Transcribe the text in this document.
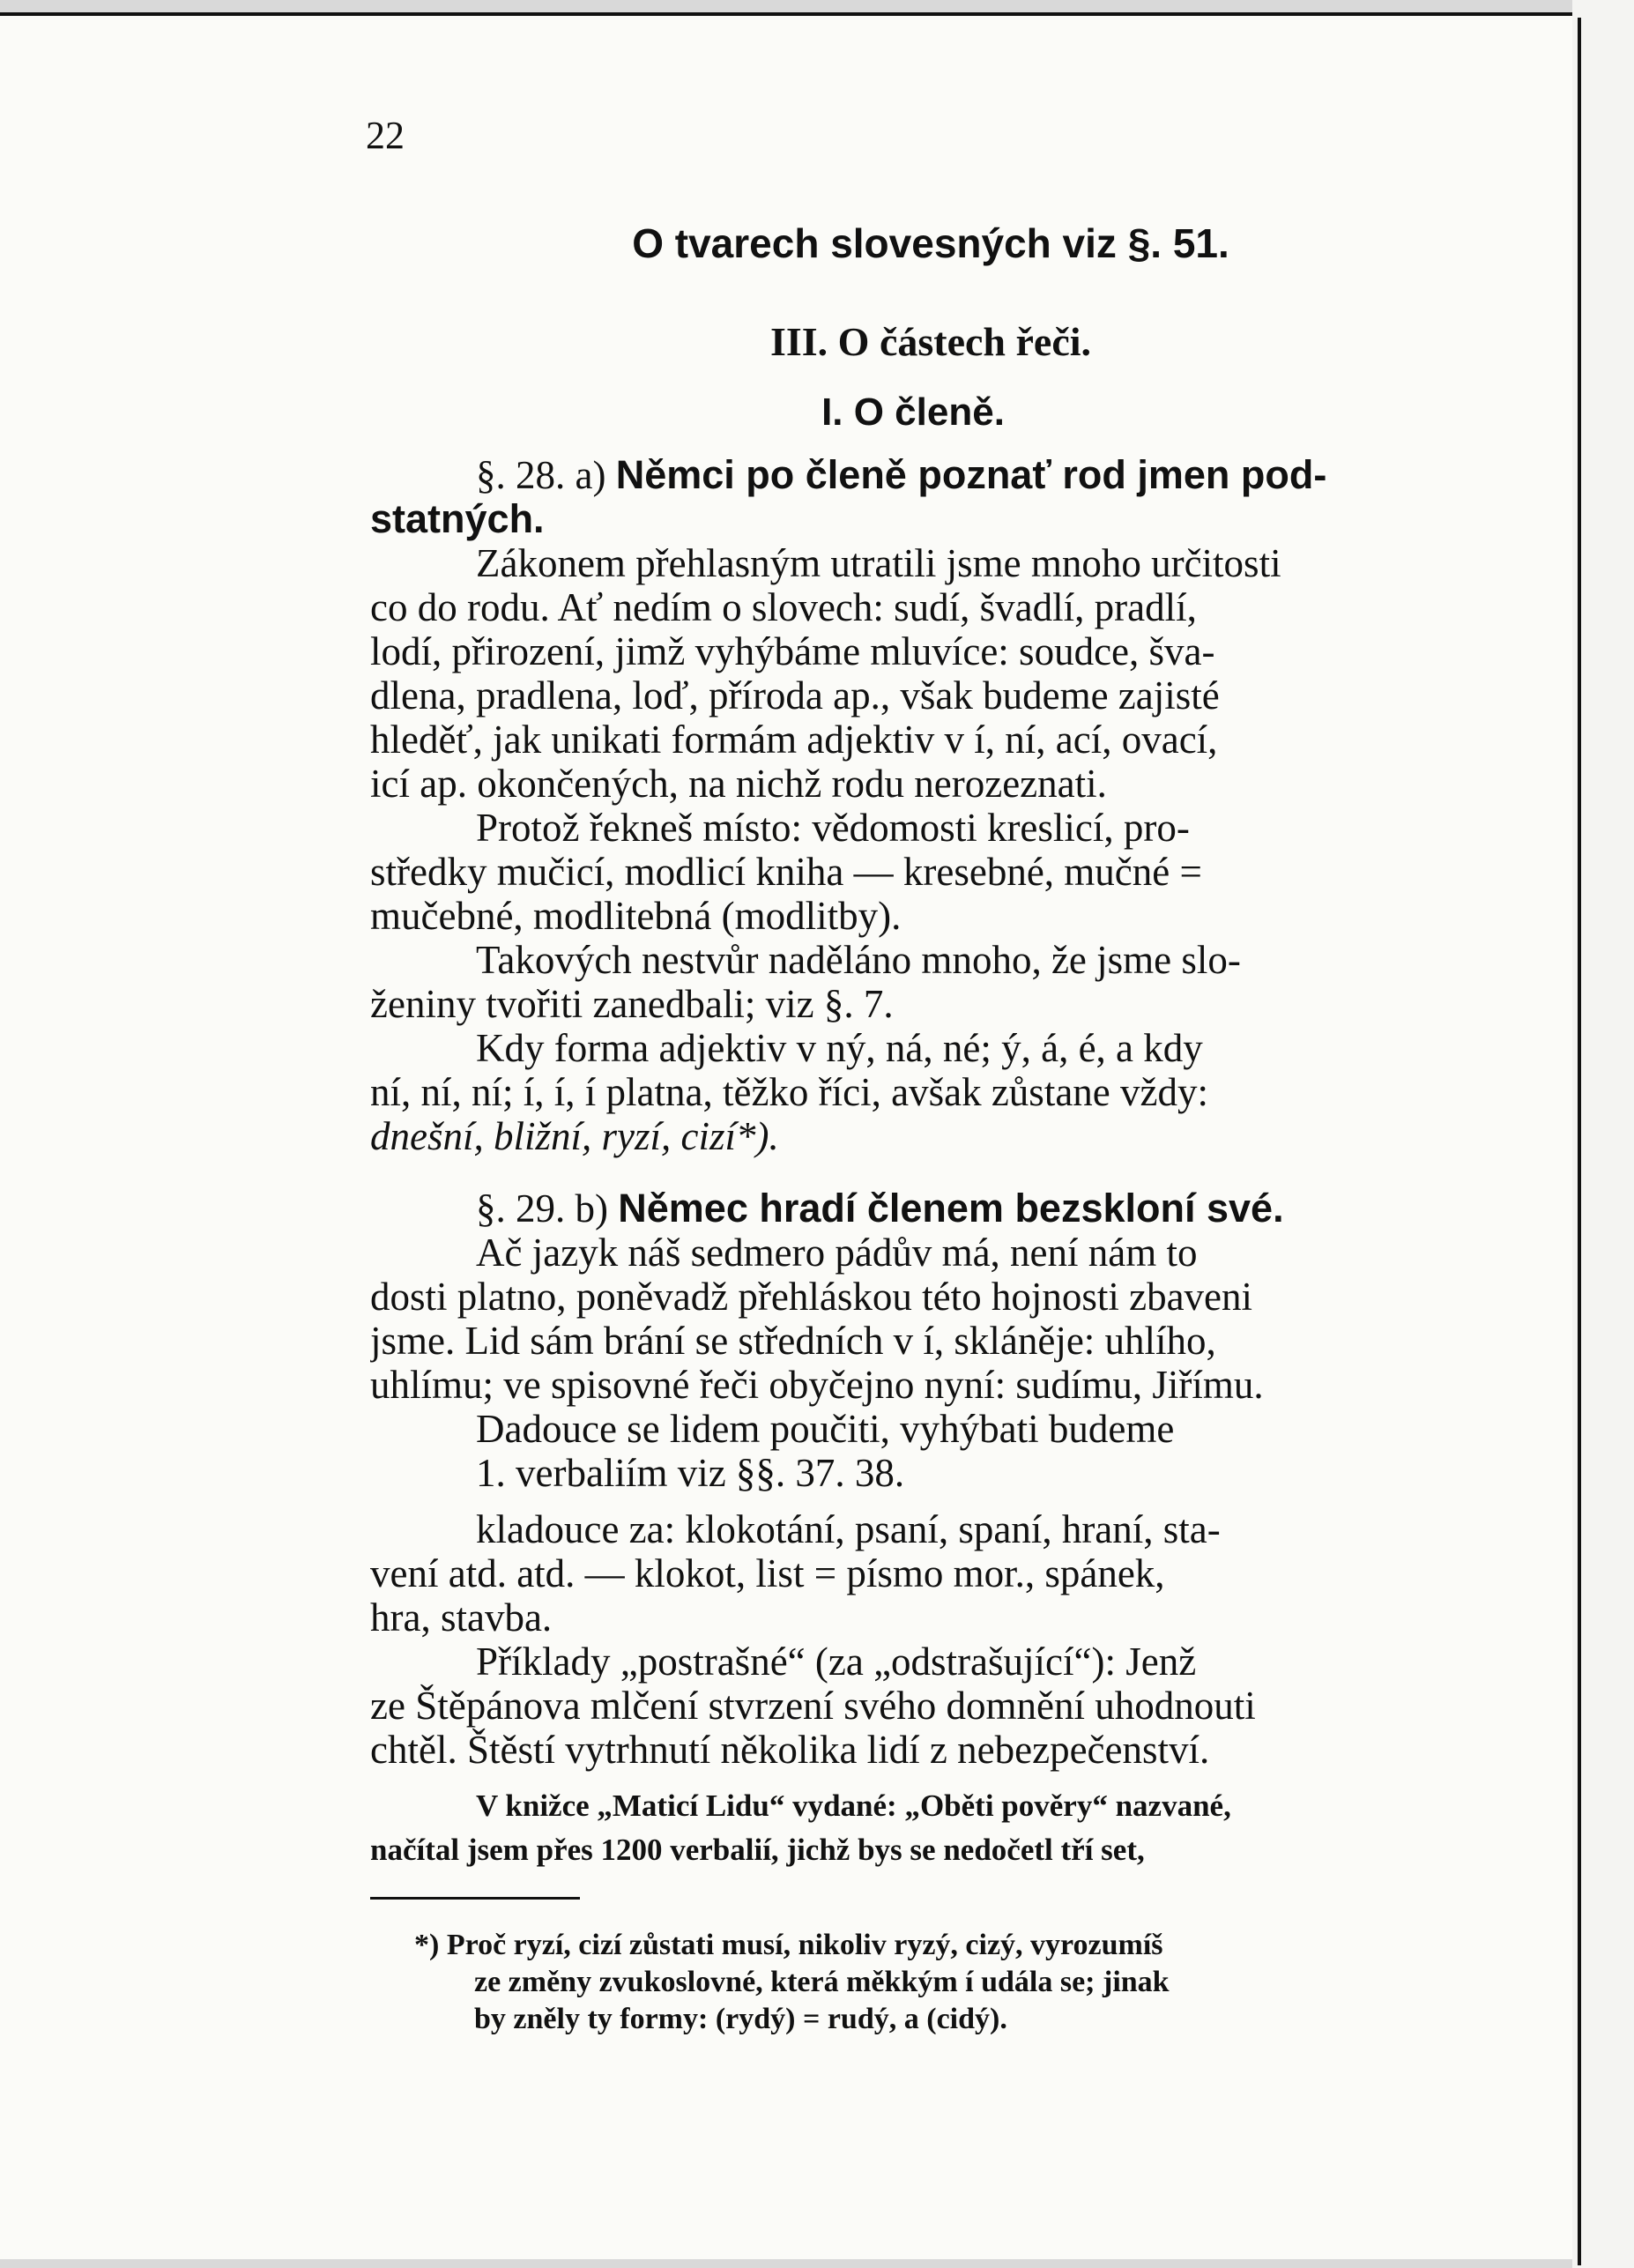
22
O tvarech slovesných viz §. 51.
III. O částech řeči.
I. O členě.
§. 28. a) Němci po členě poznať rod jmen pod-
statných.
Zákonem přehlasným utratili jsme mnoho určitosti
co do rodu. Ať nedím o slovech: sudí, švadlí, pradlí,
lodí, přirození, jimž vyhýbáme mluvíce: soudce, šva-
dlena, pradlena, loď, příroda ap., však budeme zajisté
hleděť, jak unikati formám adjektiv v í, ní, ací, ovací,
icí ap. okončených, na nichž rodu nerozeznati.
Protož řekneš místo: vědomosti kreslicí, pro-
středky mučicí, modlicí kniha — kresebné, mučné =
mučebné, modlitebná (modlitby).
Takových nestvůr naděláno mnoho, že jsme slo-
ženiny tvořiti zanedbali; viz §. 7.
Kdy forma adjektiv v ný, ná, né; ý, á, é, a kdy
ní, ní, ní; í, í, í platna, těžko říci, avšak zůstane vždy:
dnešní, bližní, ryzí, cizí*).
§. 29. b) Němec hradí členem bezskloní své.
Ač jazyk náš sedmero pádův má, není nám to
dosti platno, poněvadž přehláskou této hojnosti zbaveni
jsme. Lid sám brání se středních v í, skláněje: uhlího,
uhlímu; ve spisovné řeči obyčejno nyní: sudímu, Jiřímu.
Dadouce se lidem poučiti, vyhýbati budeme
1. verbaliím viz §§. 37. 38.
kladouce za: klokotání, psaní, spaní, hraní, sta-
vení atd. atd. — klokot, list = písmo mor., spánek,
hra, stavba.
Příklady „postrašné“ (za „odstrašující“): Jenž
ze Štěpánova mlčení stvrzení svého domnění uhodnouti
chtěl. Štěstí vytrhnutí několika lidí z nebezpečenství.
V knižce „Maticí Lidu“ vydané: „Oběti pověry“ nazvané,
načítal jsem přes 1200 verbalií, jichž bys se nedočetl tří set,
*) Proč ryzí, cizí zůstati musí, nikoliv ryzý, cizý, vyrozumíš
ze změny zvukoslovné, která měkkým í udála se; jinak
by zněly ty formy: (rydý) = rudý, a (cidý).
